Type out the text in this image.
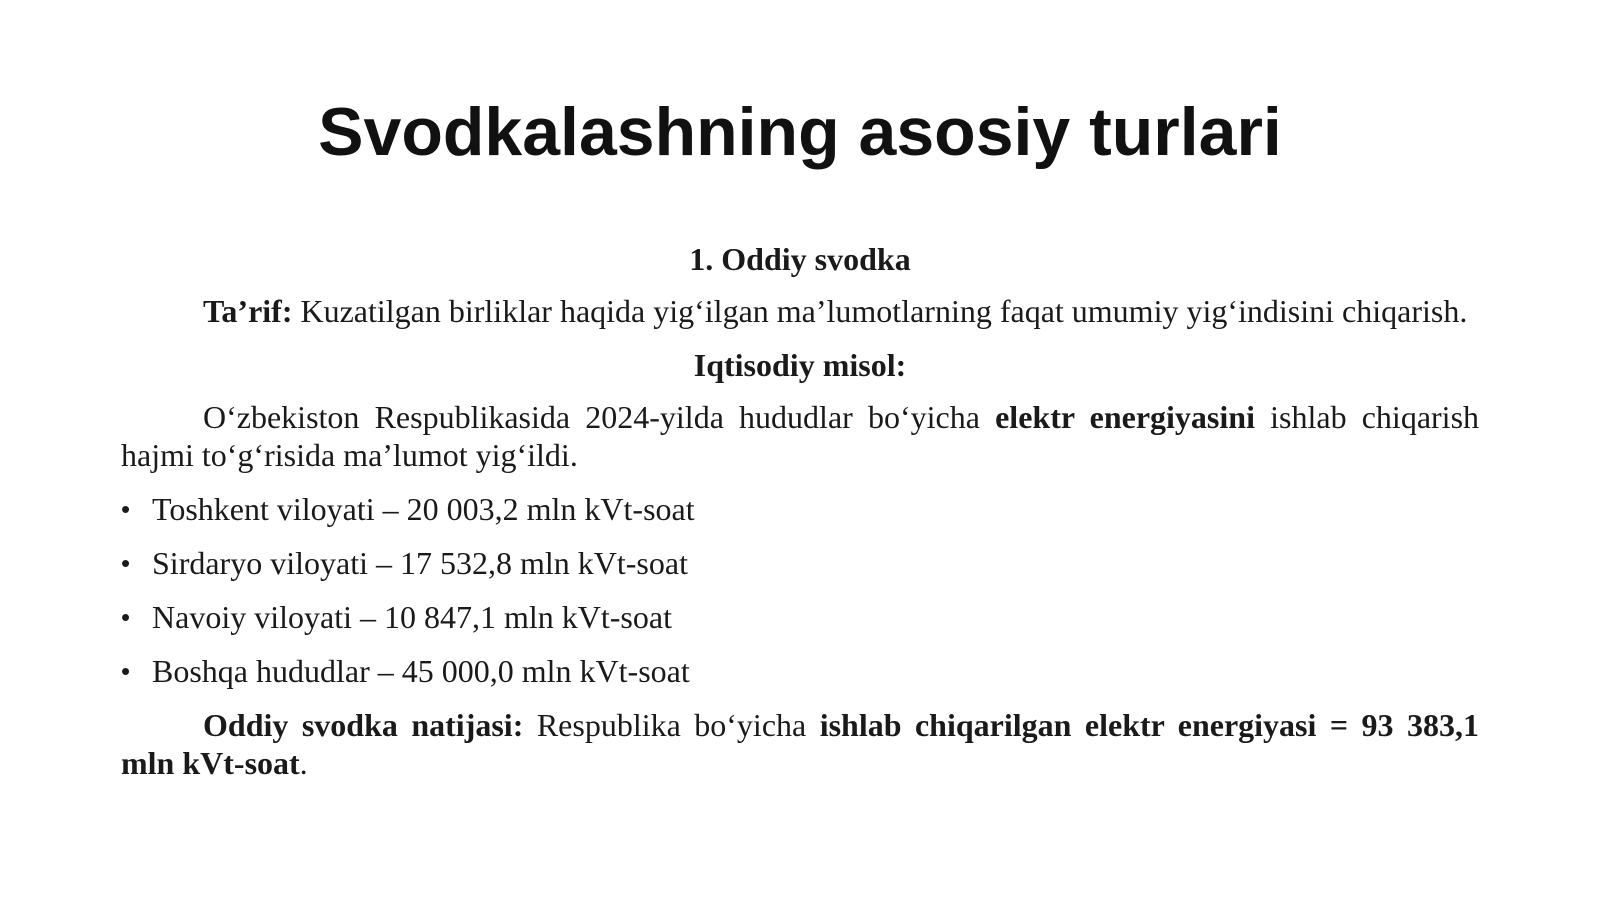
Svodkalashning asosiy turlari

1. Oddiy svodka

Ta’rif: Kuzatilgan birliklar haqida yig‘ilgan ma’lumotlarning faqat umumiy yig‘indisini chiqarish.

Iqtisodiy misol:

O‘zbekiston Respublikasida 2024-yilda hududlar bo‘yicha elektr energiyasini ishlab chiqarish hajmi to‘g‘risida ma’lumot yig‘ildi.

• Toshkent viloyati – 20 003,2 mln kVt-soat
• Sirdaryo viloyati – 17 532,8 mln kVt-soat
• Navoiy viloyati – 10 847,1 mln kVt-soat
• Boshqa hududlar – 45 000,0 mln kVt-soat

Oddiy svodka natijasi: Respublika bo‘yicha ishlab chiqarilgan elektr energiyasi = 93 383,1 mln kVt-soat.
